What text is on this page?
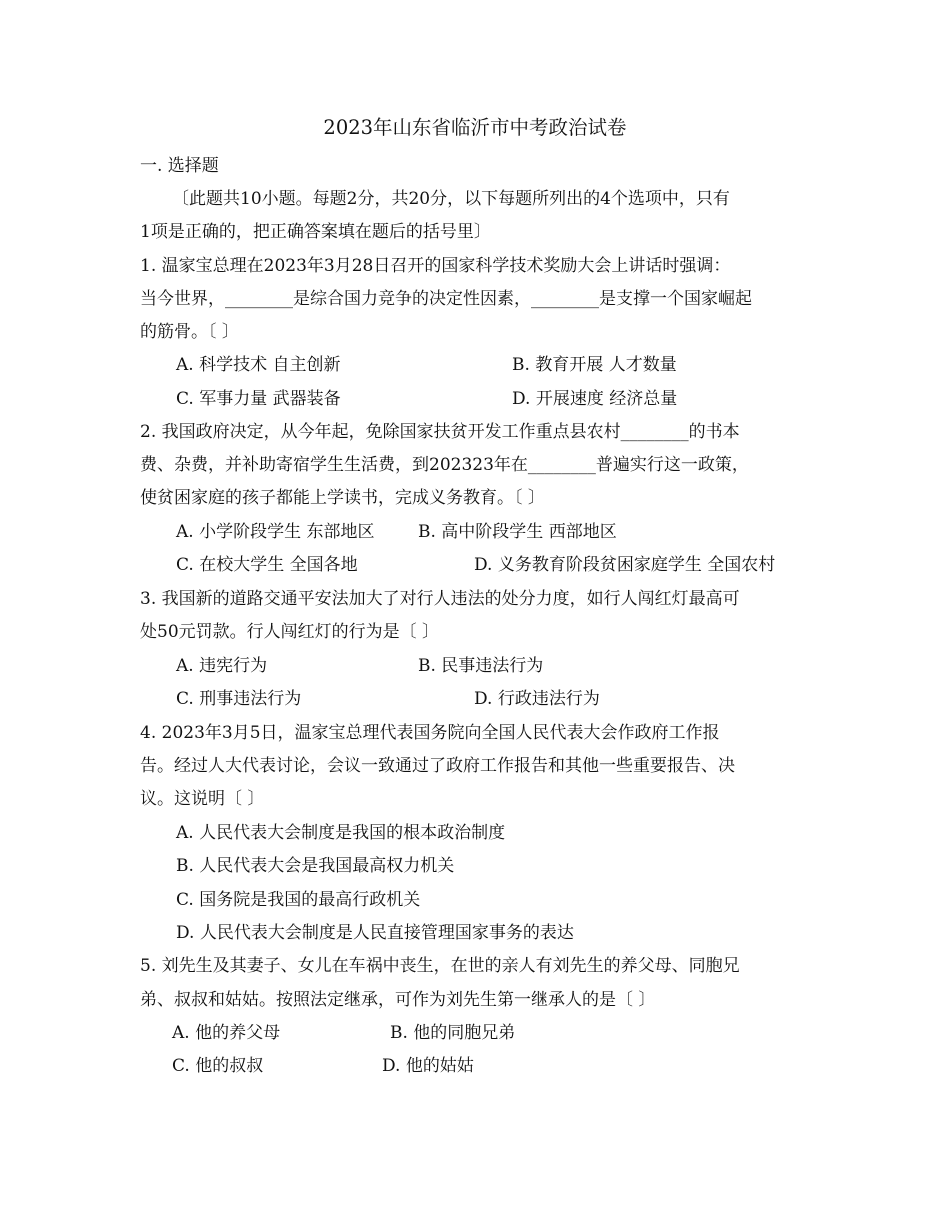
2023年山东省临沂市中考政治试卷
一. 选择题
〔此题共10小题。每题2分，共20分，以下每题所列出的4个选项中，只有
1项是正确的，把正确答案填在题后的括号里〕
1. 温家宝总理在2023年3月28日召开的国家科学技术奖励大会上讲话时强调：
当今世界，________是综合国力竞争的决定性因素，________是支撑一个国家崛起
的筋骨。〔 〕
A. 科学技术 自主创新	B. 教育开展 人才数量
C. 军事力量 武器装备	D. 开展速度 经济总量
2. 我国政府决定，从今年起，免除国家扶贫开发工作重点县农村________的书本
费、杂费，并补助寄宿学生生活费，到202323年在________普遍实行这一政策，
使贫困家庭的孩子都能上学读书，完成义务教育。〔 〕
A. 小学阶段学生 东部地区	B. 高中阶段学生 西部地区
C. 在校大学生 全国各地	D. 义务教育阶段贫困家庭学生 全国农村
3. 我国新的道路交通平安法加大了对行人违法的处分力度，如行人闯红灯最高可
处50元罚款。行人闯红灯的行为是〔 〕
A. 违宪行为	B. 民事违法行为
C. 刑事违法行为	D. 行政违法行为
4. 2023年3月5日，温家宝总理代表国务院向全国人民代表大会作政府工作报
告。经过人大代表讨论，会议一致通过了政府工作报告和其他一些重要报告、决
议。这说明〔 〕
A. 人民代表大会制度是我国的根本政治制度
B. 人民代表大会是我国最高权力机关
C. 国务院是我国的最高行政机关
D. 人民代表大会制度是人民直接管理国家事务的表达
5. 刘先生及其妻子、女儿在车祸中丧生，在世的亲人有刘先生的养父母、同胞兄
弟、叔叔和姑姑。按照法定继承，可作为刘先生第一继承人的是〔 〕
A. 他的养父母	B. 他的同胞兄弟
C. 他的叔叔	D. 他的姑姑
